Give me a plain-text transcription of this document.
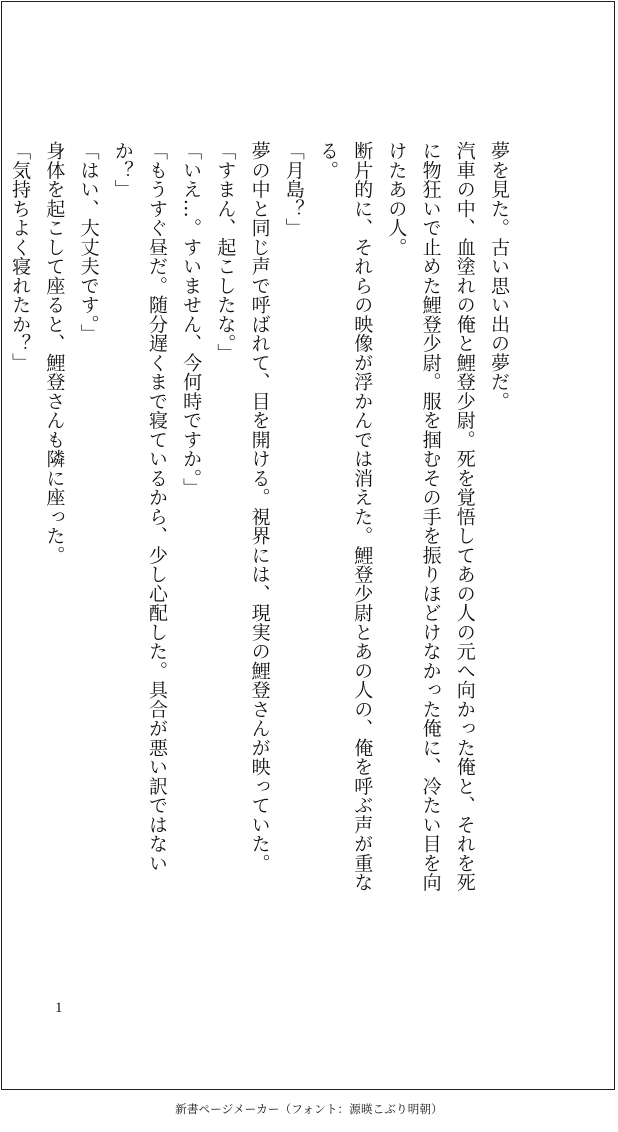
夢を見た。古い思い出の夢だ。
汽車の中、血塗れの俺と鯉登少尉。死を覚悟してあの人の元へ向かった俺と、それを死
に物狂いで止めた鯉登少尉。服を掴むその手を振りほどけなかった俺に、冷たい目を向
けたあの人。
断片的に、それらの映像が浮かんでは消えた。鯉登少尉とあの人の、俺を呼ぶ声が重な
る。
「月島？」
夢の中と同じ声で呼ばれて、目を開ける。視界には、現実の鯉登さんが映っていた。
「すまん、起こしたな。」
「いえ…。すいません、今何時ですか。」
「もうすぐ昼だ。随分遅くまで寝ているから、少し心配した。具合が悪い訳ではない
か？」
「はい、大丈夫です。」
身体を起こして座ると、鯉登さんも隣に座った。
「気持ちよく寝れたか？」
1
新書ページメーカー（フォント：源暎こぶり明朝）
